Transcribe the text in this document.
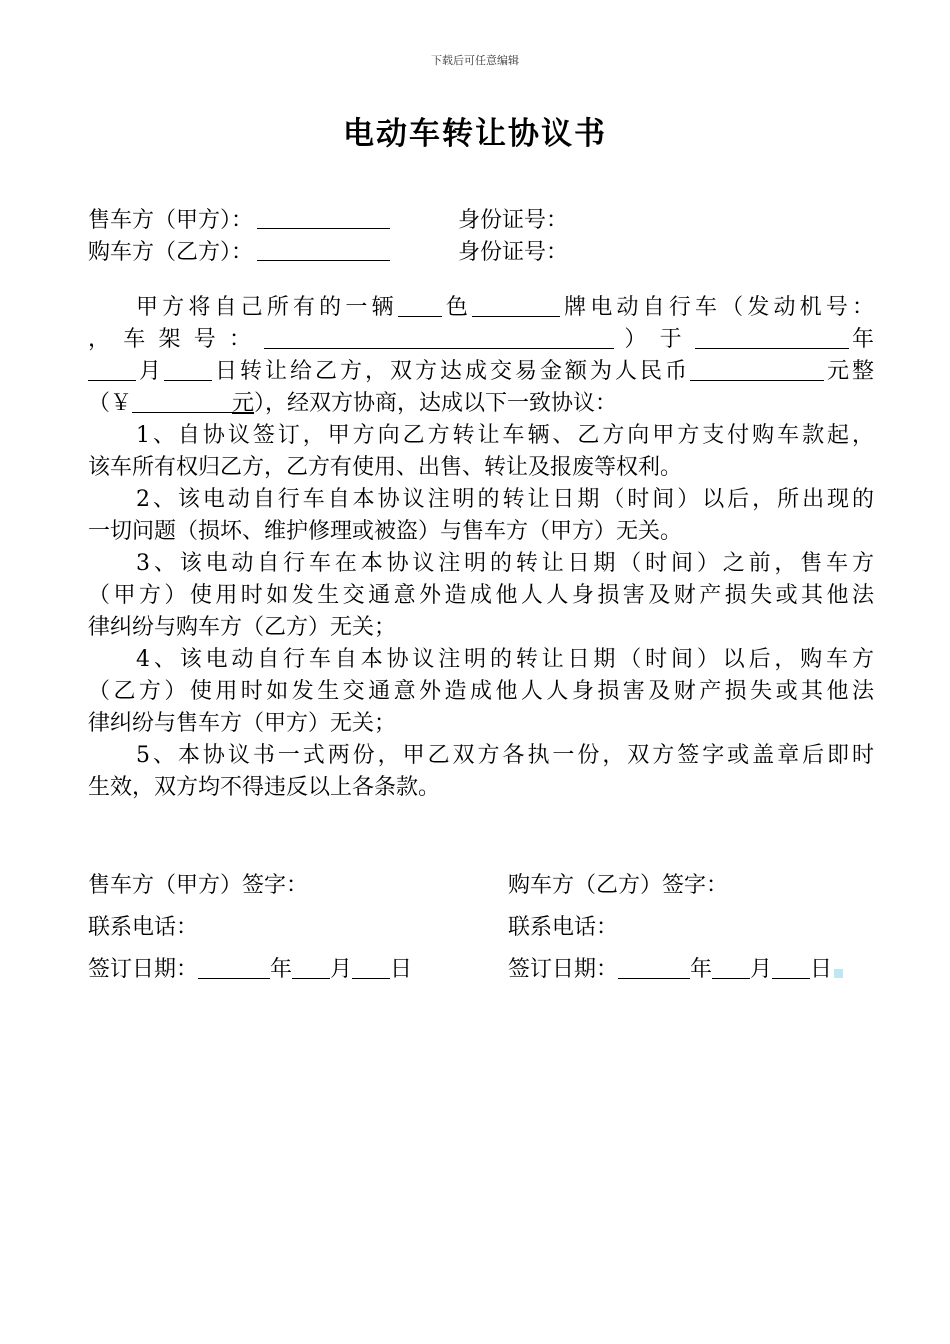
下载后可任意编辑
电动车转让协议书
售车方（甲方）：	身份证号：
购车方（乙方）：	身份证号：
甲方将自己所有的一辆 色	牌电动自行车（发动机号：
， 车 架 号 ：	） 于	年
月 日转让给乙方，双方达成交易金额为人民币	元整
（￥	元），经双方协商，达成以下一致协议：
1、自协议签订，甲方向乙方转让车辆、乙方向甲方支付购车款起，
该车所有权归乙方，乙方有使用、出售、转让及报废等权利。
2、该电动自行车自本协议注明的转让日期（时间）以后，所出现的
一切问题（损坏、维护修理或被盗）与售车方（甲方）无关。
3、该电动自行车在本协议注明的转让日期（时间）之前，售车方
（甲方）使用时如发生交通意外造成他人人身损害及财产损失或其他法
律纠纷与购车方（乙方）无关；
4、该电动自行车自本协议注明的转让日期（时间）以后，购车方
（乙方）使用时如发生交通意外造成他人人身损害及财产损失或其他法
律纠纷与售车方（甲方）无关；
5、本协议书一式两份，甲乙双方各执一份，双方签字或盖章后即时
生效，双方均不得违反以上各条款。
售车方（甲方）签字：	购车方（乙方）签字：
联系电话：	联系电话：
签订日期：	年 月 日	签订日期：	年 月 日
